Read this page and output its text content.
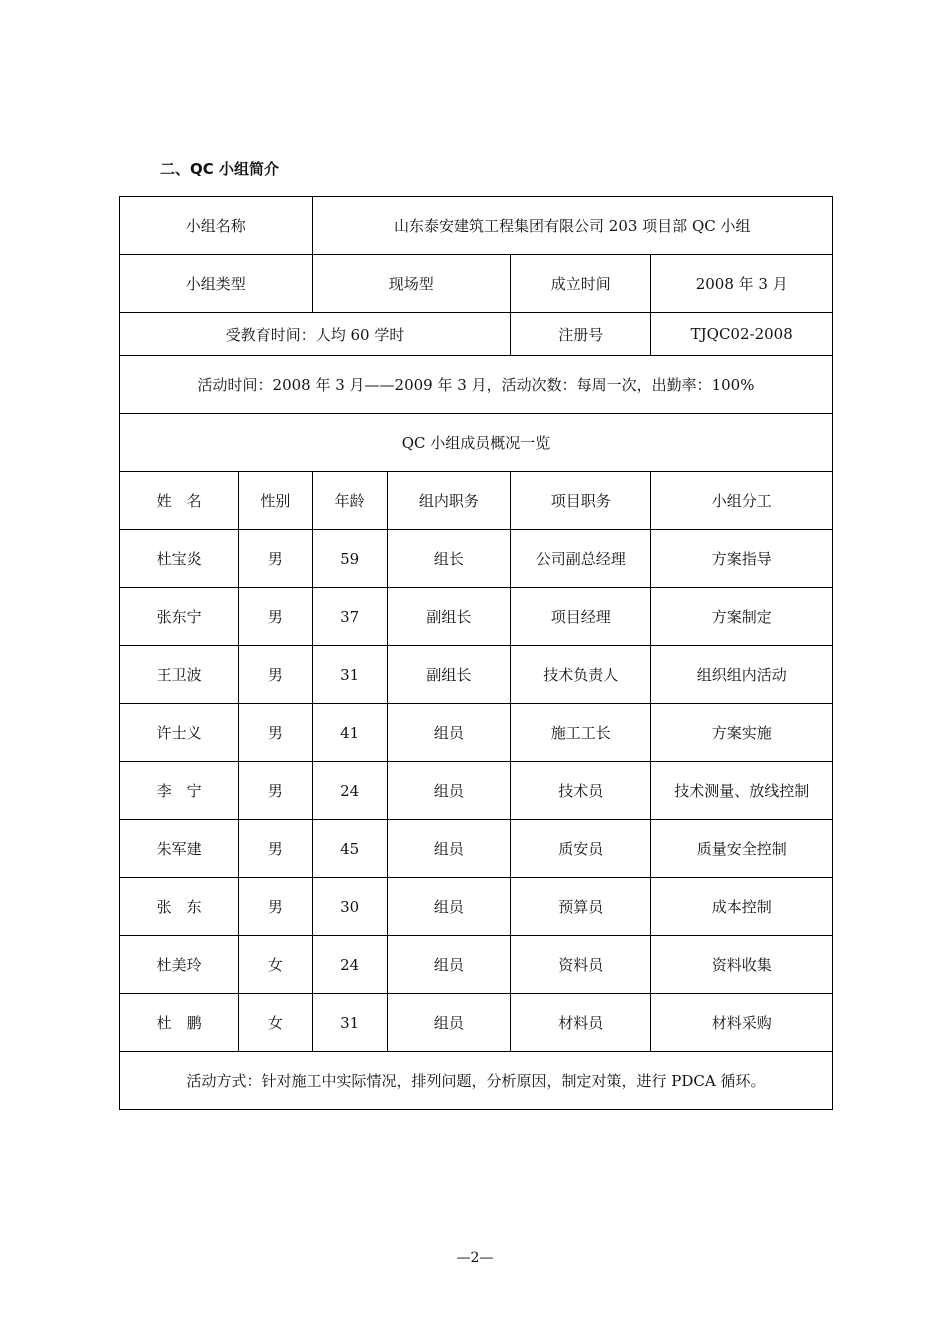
二、QC 小组简介
小组名称		山东泰安建筑工程集团有限公司 203 项目部 QC 小组			
小组类型		现场型		成立时间	2008 年 3 月
受教育时间：人均 60 学时				注册号	TJQC02-2008
活动时间：2008 年 3 月——2009 年 3 月，活动次数：每周一次，出勤率：100%					
QC 小组成员概况一览					
姓　名	性别	年龄	组内职务	项目职务	小组分工
杜宝炎	男	59	组长	公司副总经理	方案指导
张东宁	男	37	副组长	项目经理	方案制定
王卫波	男	31	副组长	技术负责人	组织组内活动
许士义	男	41	组员	施工工长	方案实施
李　宁	男	24	组员	技术员	技术测量、放线控制
朱军建	男	45	组员	质安员	质量安全控制
张　东	男	30	组员	预算员	成本控制
杜美玲	女	24	组员	资料员	资料收集
杜　鹏	女	31	组员	材料员	材料采购
活动方式：针对施工中实际情况，排列问题，分析原因，制定对策，进行 PDCA 循环。					
—2—
